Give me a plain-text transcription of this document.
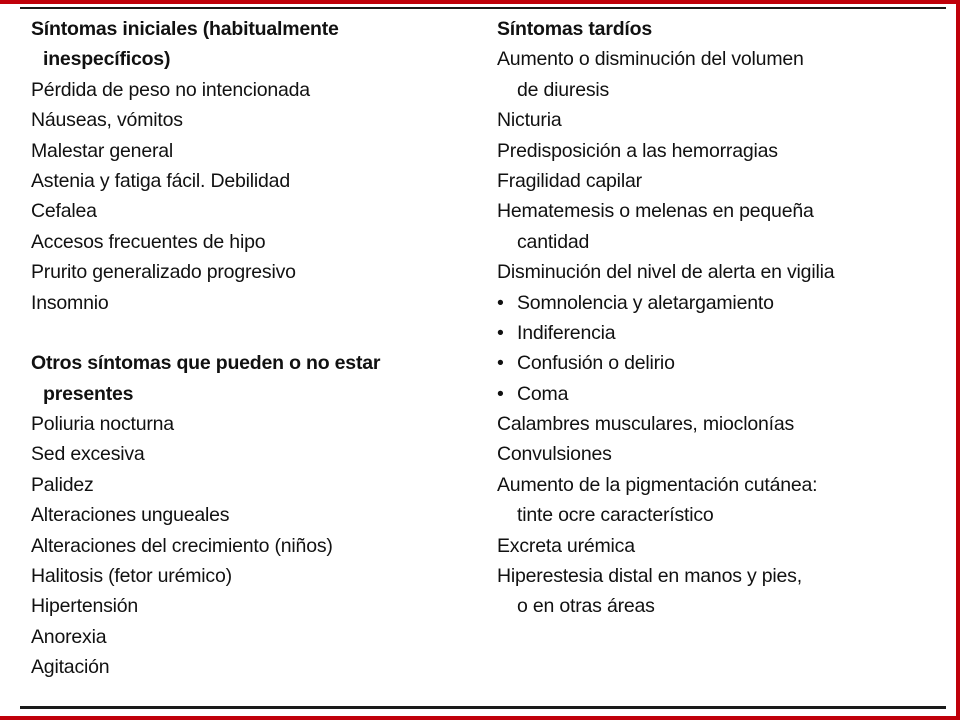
Síntomas iniciales (habitualmente
inespecíficos)
Pérdida de peso no intencionada
Náuseas, vómitos
Malestar general
Astenia y fatiga fácil. Debilidad
Cefalea
Accesos frecuentes de hipo
Prurito generalizado progresivo
Insomnio
Otros síntomas que pueden o no estar
presentes
Poliuria nocturna
Sed excesiva
Palidez
Alteraciones ungueales
Alteraciones del crecimiento (niños)
Halitosis (fetor urémico)
Hipertensión
Anorexia
Agitación
Síntomas tardíos
Aumento o disminución del volumen
de diuresis
Nicturia
Predisposición a las hemorragias
Fragilidad capilar
Hematemesis o melenas en pequeña
cantidad
Disminución del nivel de alerta en vigilia
• Somnolencia y aletargamiento
• Indiferencia
• Confusión o delirio
• Coma
Calambres musculares, mioclonías
Convulsiones
Aumento de la pigmentación cutánea:
tinte ocre característico
Excreta urémica
Hiperestesia distal en manos y pies,
o en otras áreas
